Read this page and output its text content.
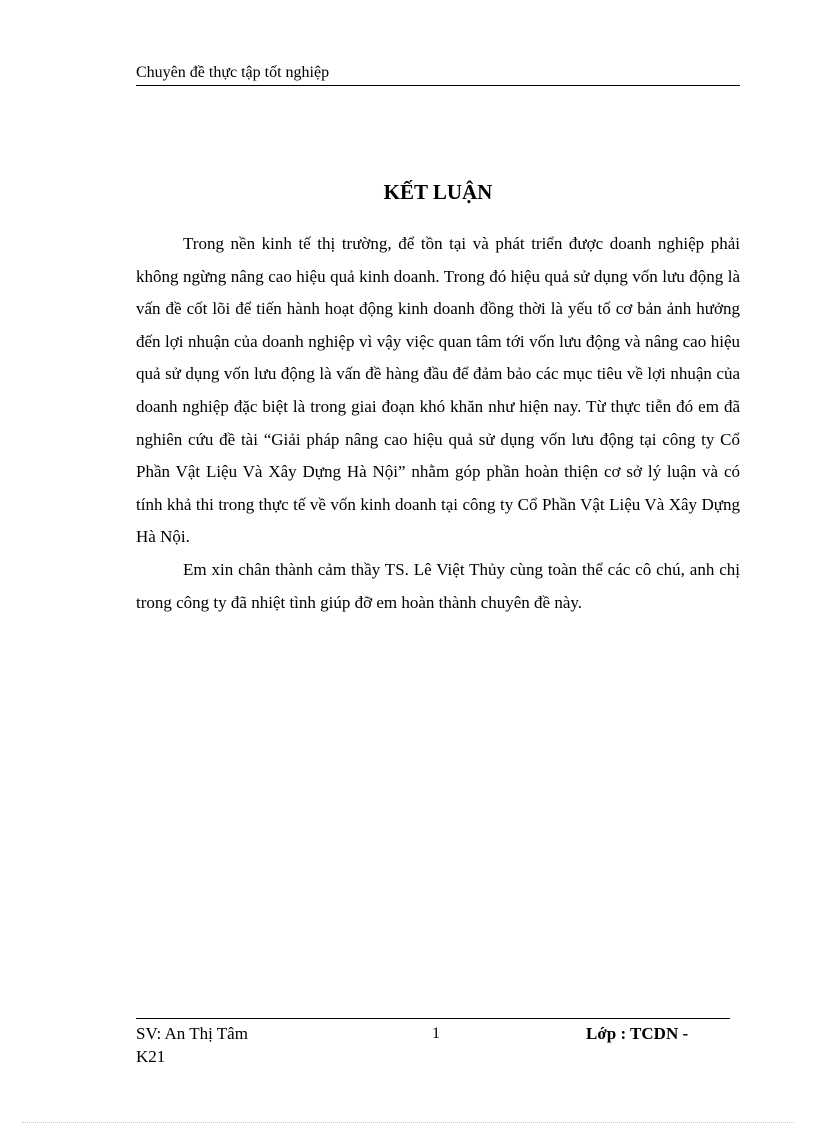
Chuyên đề thực tập tốt nghiệp
KẾT LUẬN

Trong nền kinh tế thị trường, để tồn tại và phát triển được doanh nghiệp phải không ngừng nâng cao hiệu quả kinh doanh. Trong đó hiệu quả sử dụng vốn lưu động là vấn đề cốt lõi để tiến hành hoạt động kinh doanh đồng thời là yếu tố cơ bản ảnh hưởng đến lợi nhuận của doanh nghiệp vì vậy việc quan tâm tới vốn lưu động và nâng cao hiệu quả sử dụng vốn lưu động là vấn đề hàng đầu để đảm bảo các mục tiêu về lợi nhuận của doanh nghiệp đặc biệt là trong giai đoạn khó khăn như hiện nay. Từ thực tiễn đó em đã nghiên cứu đề tài “Giải pháp nâng cao hiệu quả sử dụng vốn lưu động tại công ty Cổ Phần Vật Liệu Và Xây Dựng Hà Nội” nhằm góp phần hoàn thiện cơ sở lý luận và có tính khả thi trong thực tế về vốn kinh doanh tại công ty Cổ Phần Vật Liệu Và Xây Dựng Hà Nội.

Em xin chân thành cảm thầy TS. Lê Việt Thủy cùng toàn thể các cô chú, anh chị trong công ty đã nhiệt tình giúp đỡ em hoàn thành chuyên đề này.

SV: An Thị Tâm
K21
1	Lớp : TCDN -
